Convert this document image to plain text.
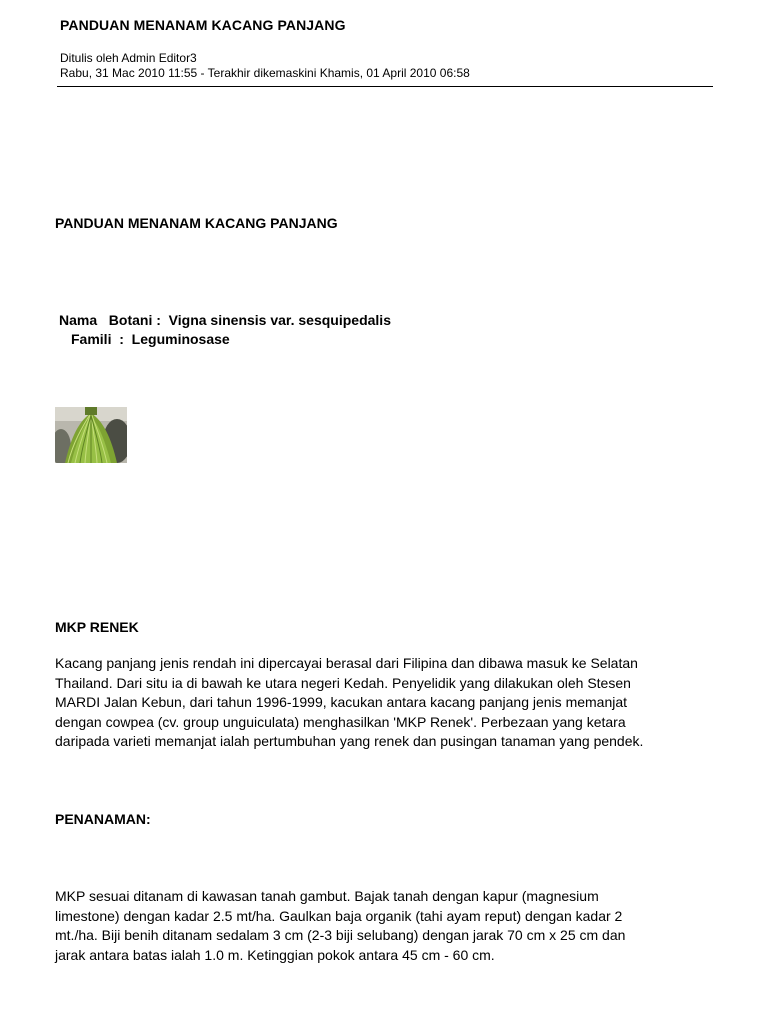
PANDUAN MENANAM KACANG PANJANG
Ditulis oleh Admin Editor3
Rabu, 31 Mac 2010 11:55 - Terakhir dikemaskini Khamis, 01 April 2010 06:58
PANDUAN MENANAM KACANG PANJANG
Nama   Botani :  Vigna sinensis var. sesquipedalis
Famili  :  Leguminosase
MKP RENEK

Kacang panjang jenis rendah ini dipercayai berasal dari Filipina dan dibawa masuk ke Selatan

Thailand. Dari situ ia di bawah ke utara negeri Kedah. Penyelidik yang dilakukan oleh Stesen

MARDI Jalan Kebun, dari tahun 1996-1999, kacukan antara kacang panjang jenis memanjat

dengan cowpea (cv. group unguiculata) menghasilkan 'MKP Renek'. Perbezaan yang ketara

daripada varieti memanjat ialah pertumbuhan yang renek dan pusingan tanaman yang pendek.

PENANAMAN:

MKP sesuai ditanam di kawasan tanah gambut. Bajak tanah dengan kapur (magnesium

limestone) dengan kadar 2.5 mt/ha. Gaulkan baja organik (tahi ayam reput) dengan kadar 2

mt./ha. Biji benih ditanam sedalam 3 cm (2-3 biji selubang) dengan jarak 70 cm x 25 cm dan

jarak antara batas ialah 1.0 m. Ketinggian pokok antara 45 cm - 60 cm.
